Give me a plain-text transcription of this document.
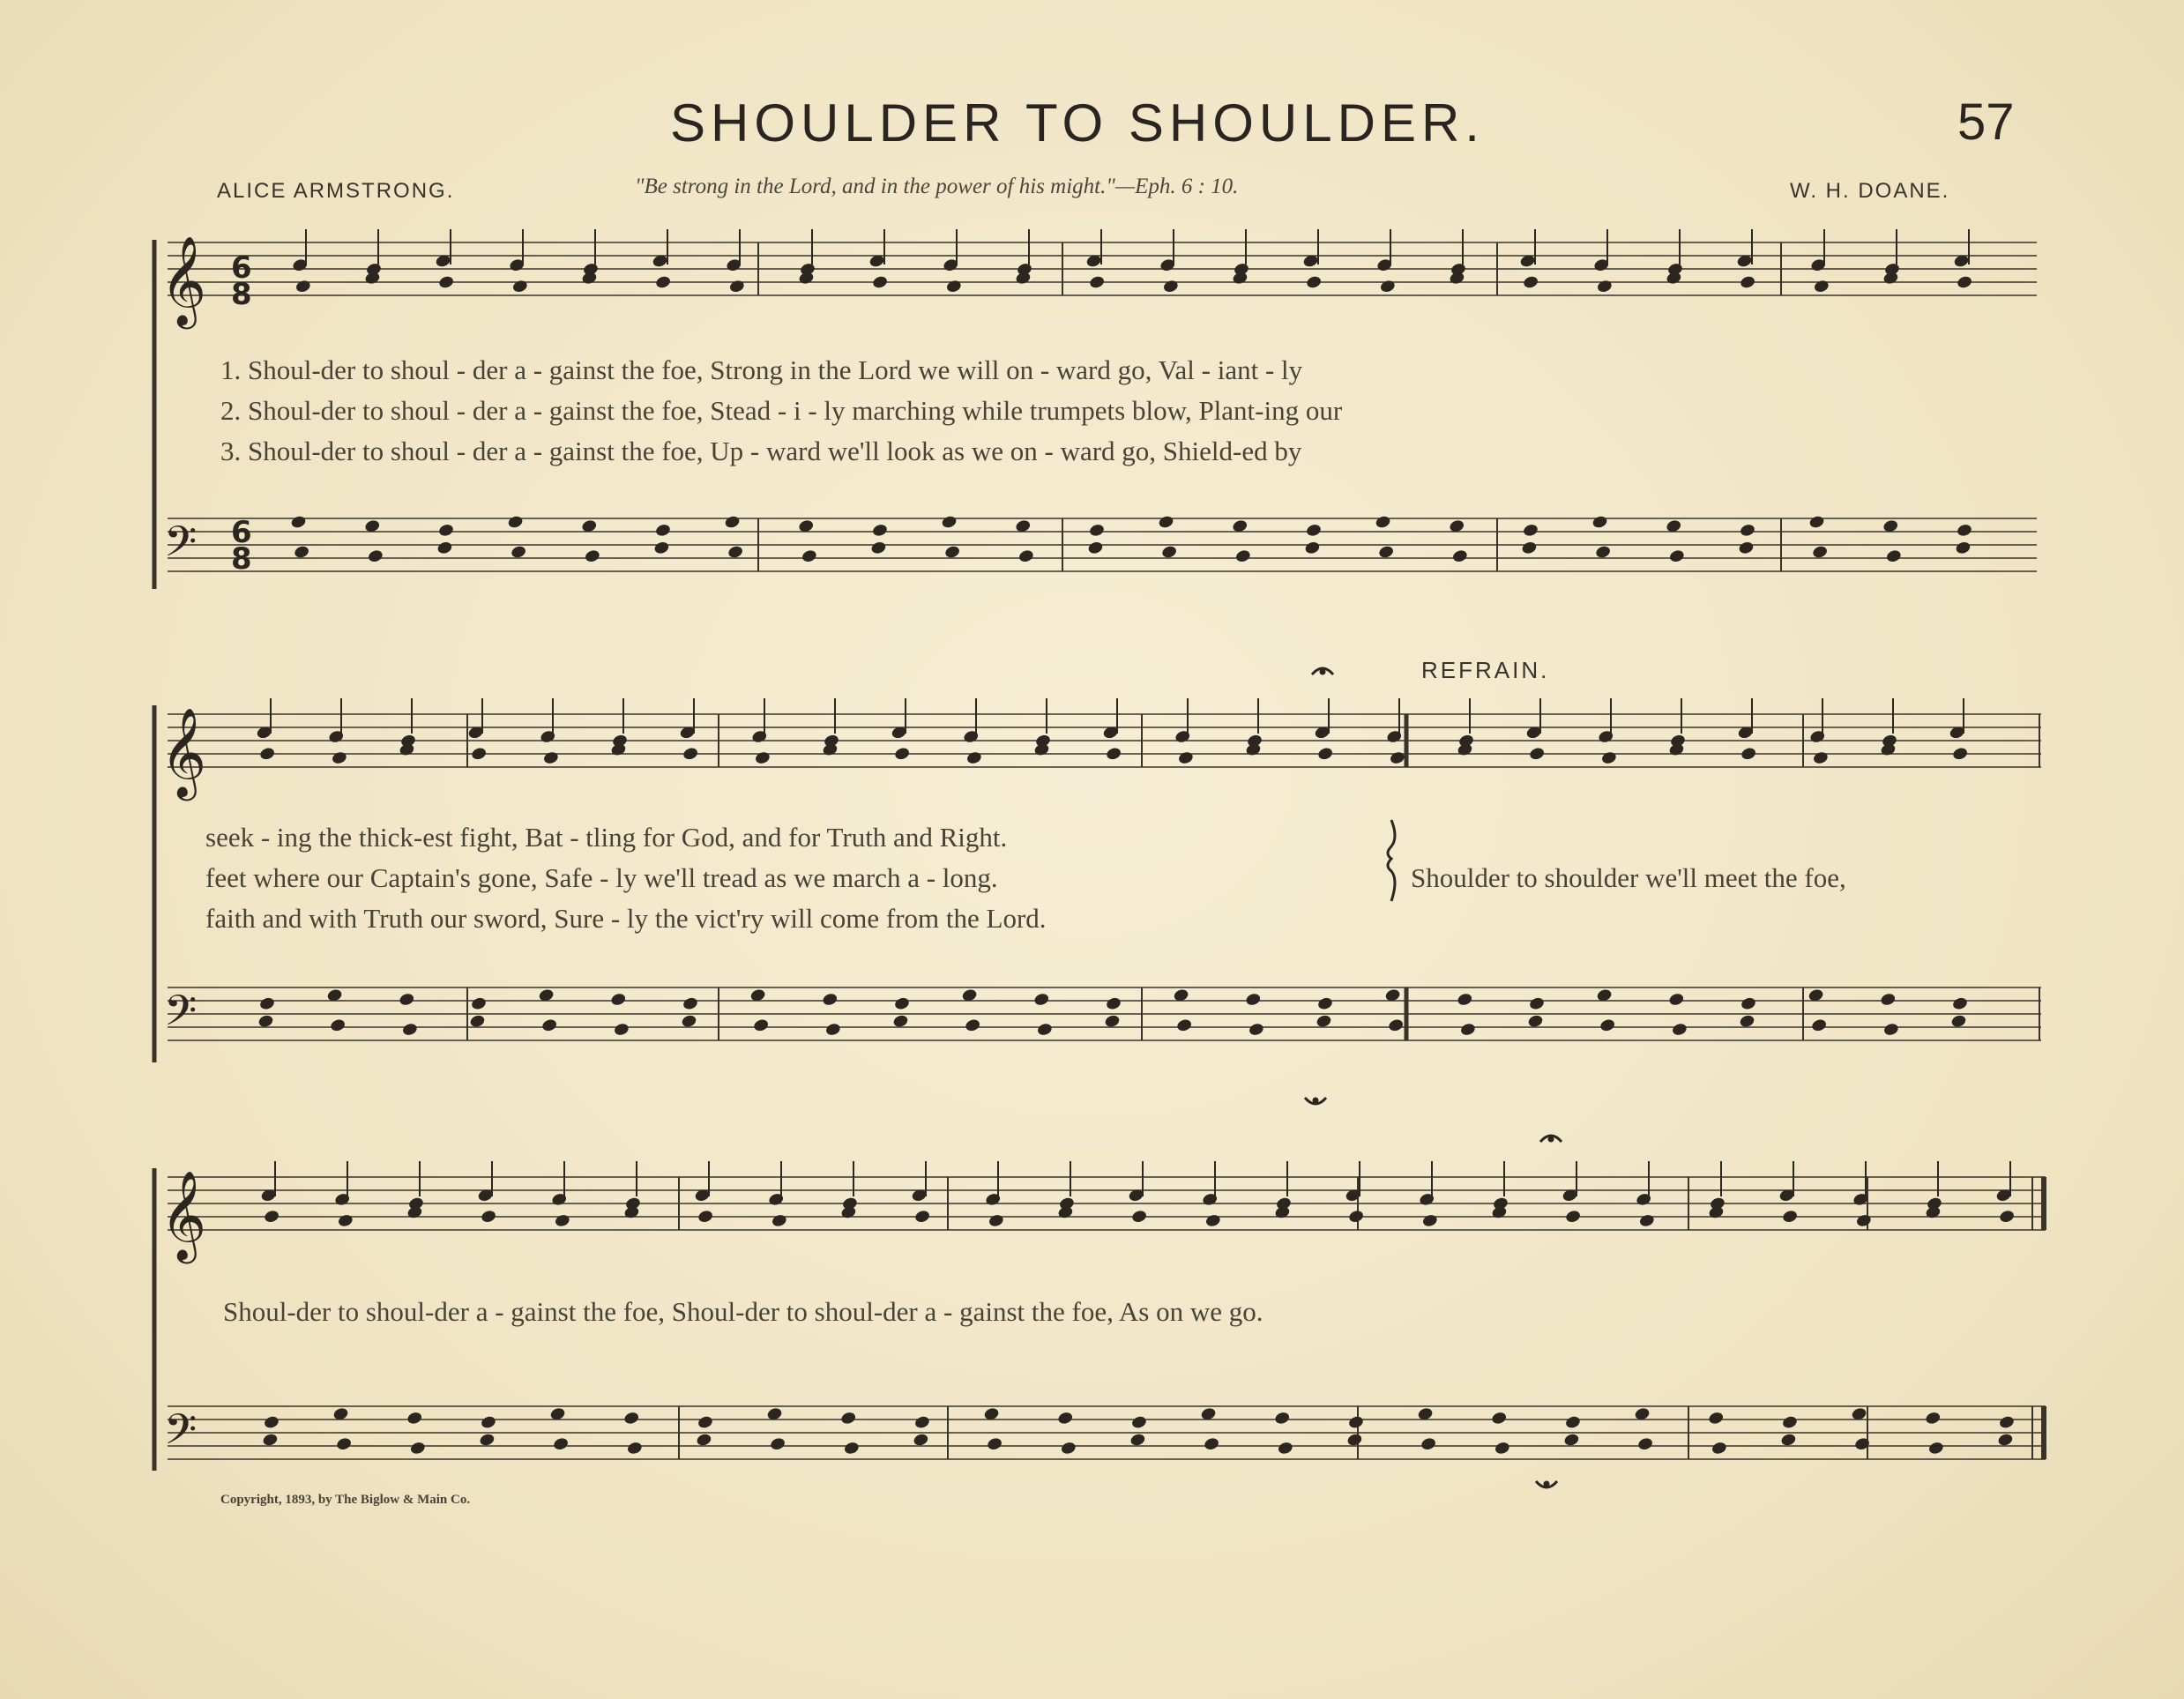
SHOULDER TO SHOULDER.	57
ALICE ARMSTRONG.	"Be strong in the Lord, and in the power of his might."—Eph. 6 : 10.	W. H. DOANE.
𝄞
𝄢
𝄞
𝄢
𝄞
𝄢
6
8
6
8
REFRAIN.
1. Shoul-der to shoul - der a - gainst the foe, Strong in the Lord we will on - ward go, Val - iant - ly
2. Shoul-der to shoul - der a - gainst the foe, Stead - i - ly marching while trumpets blow, Plant-ing our
3. Shoul-der to shoul - der a - gainst the foe, Up - ward we'll look as we on - ward go, Shield-ed by
seek - ing the thick-est fight, Bat - tling for God, and for Truth and Right.
feet where our Captain's gone, Safe - ly we'll tread as we march a - long.
faith and with Truth our sword, Sure - ly the vict'ry will come from the Lord.
Shoulder to shoulder we'll meet the foe,
Shoul-der to shoul-der a - gainst the foe, Shoul-der to shoul-der a - gainst the foe, As on we go.
Copyright, 1893, by The Biglow & Main Co.
